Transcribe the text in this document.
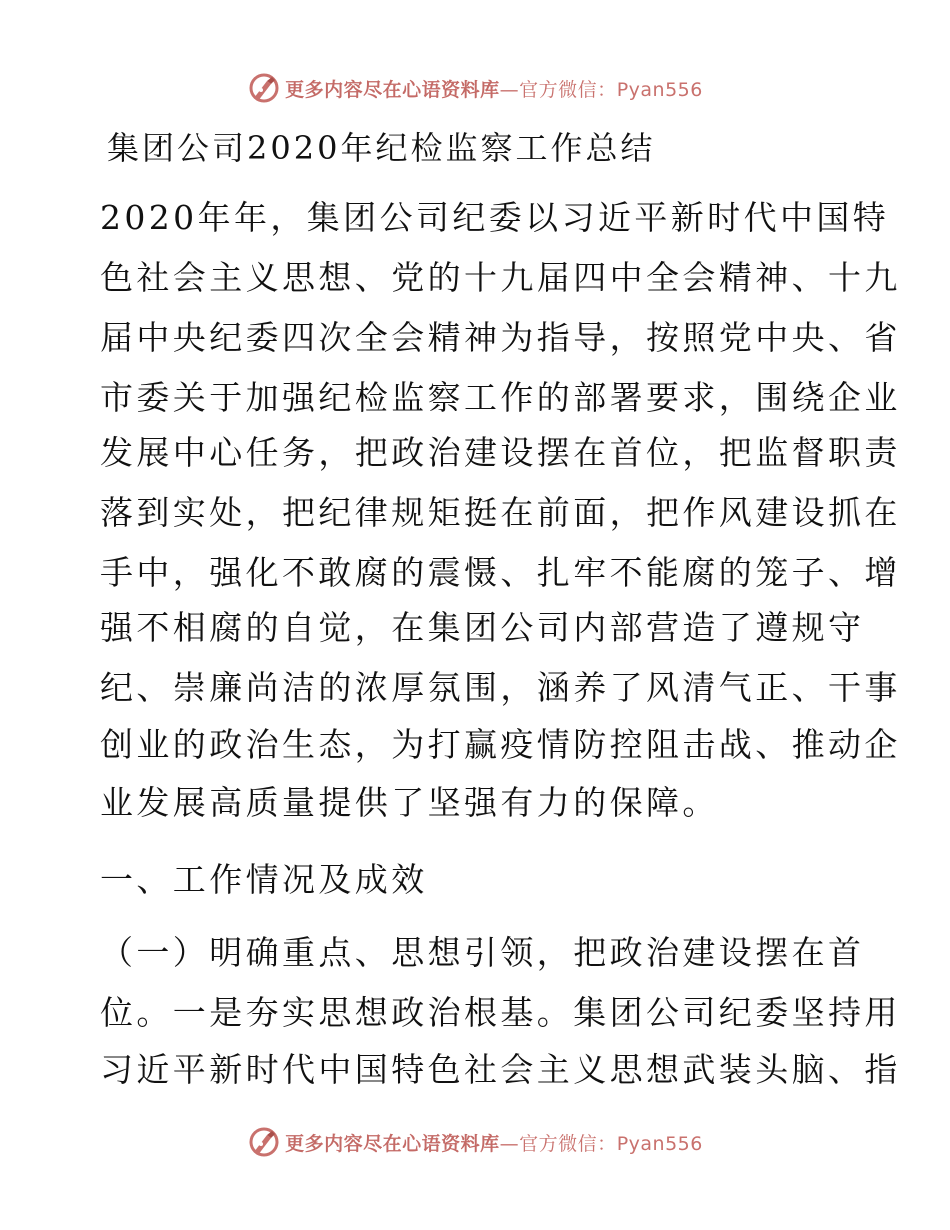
更多内容尽在心语资料库—官方微信：Pyan556
集团公司2020年纪检监察工作总结
2020年年，集团公司纪委以习近平新时代中国特
色社会主义思想、党的十九届四中全会精神、十九
届中央纪委四次全会精神为指导，按照党中央、省
市委关于加强纪检监察工作的部署要求，围绕企业
发展中心任务，把政治建设摆在首位，把监督职责
落到实处，把纪律规矩挺在前面，把作风建设抓在
手中，强化不敢腐的震慑、扎牢不能腐的笼子、增
强不相腐的自觉，在集团公司内部营造了遵规守
纪、崇廉尚洁的浓厚氛围，涵养了风清气正、干事
创业的政治生态，为打赢疫情防控阻击战、推动企
业发展高质量提供了坚强有力的保障。
一、工作情况及成效
（一）明确重点、思想引领，把政治建设摆在首
位。一是夯实思想政治根基。集团公司纪委坚持用
习近平新时代中国特色社会主义思想武装头脑、指
更多内容尽在心语资料库—官方微信：Pyan556
